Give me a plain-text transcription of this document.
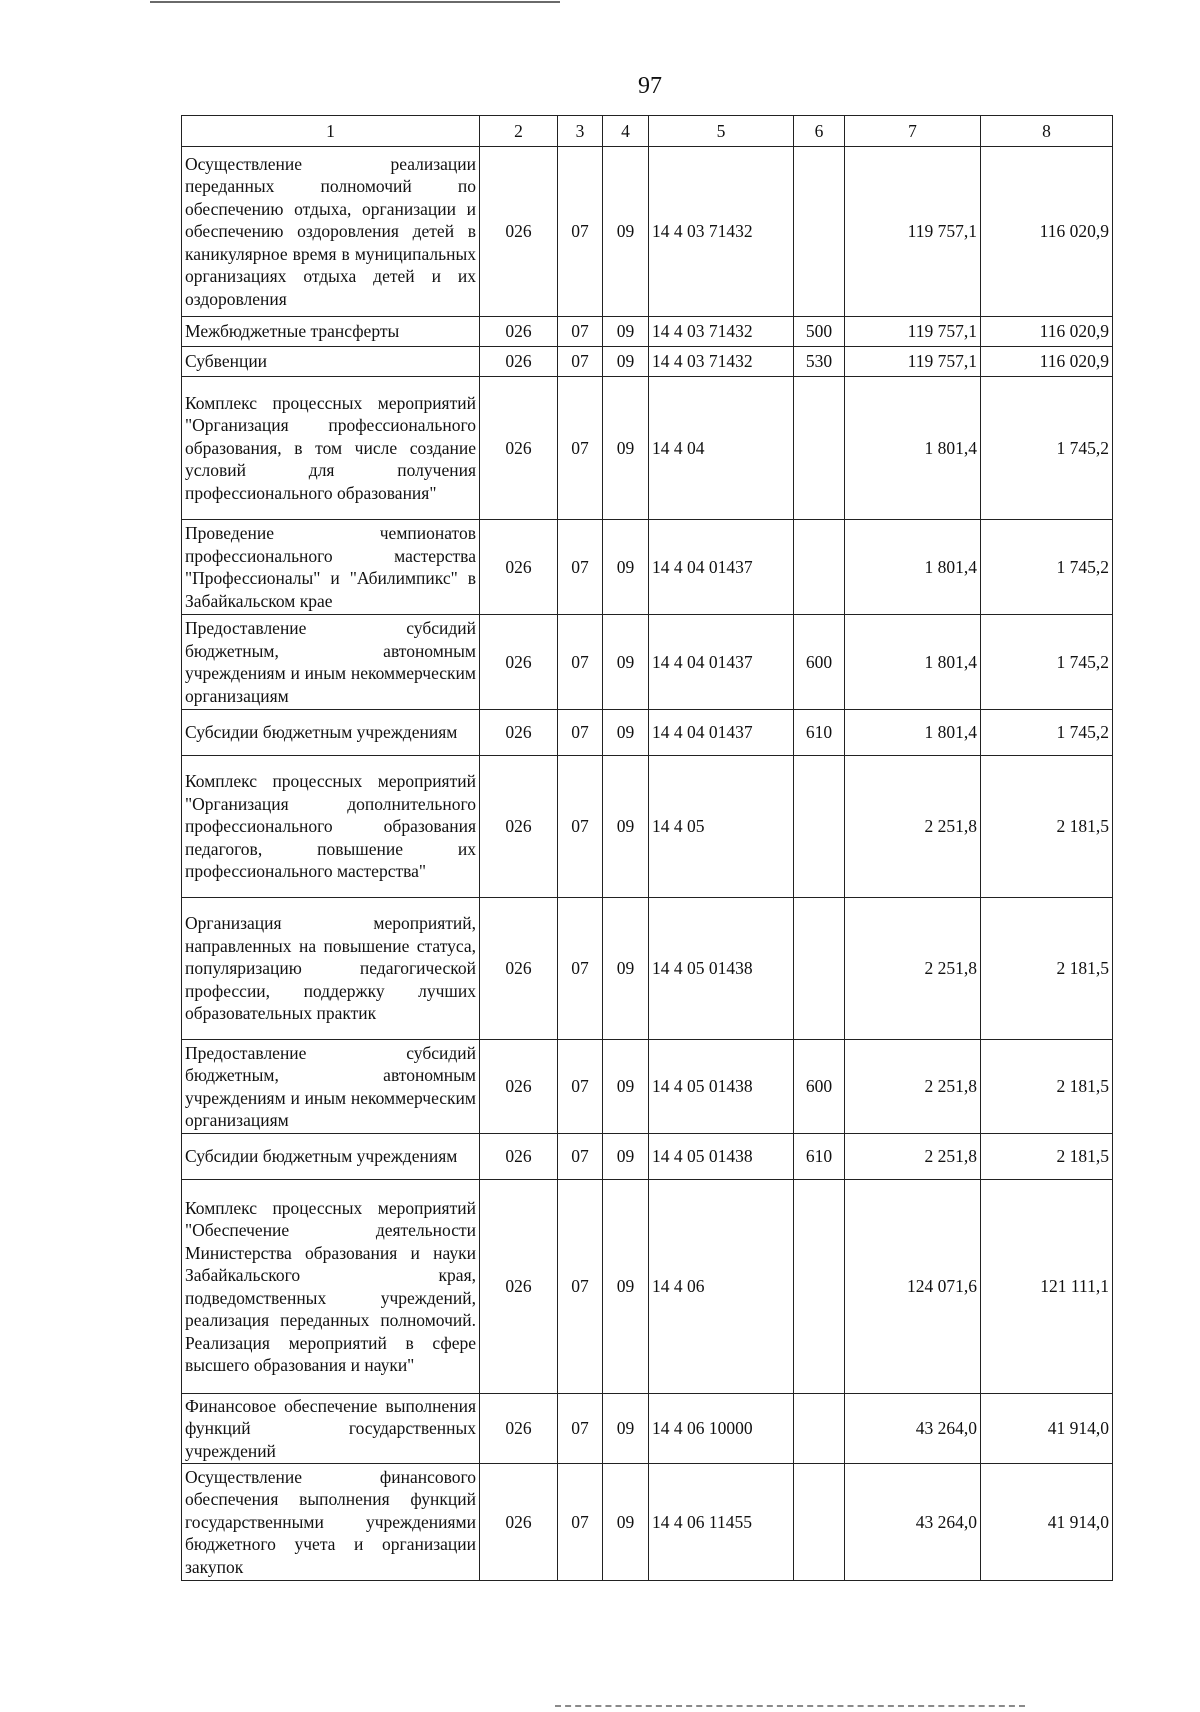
97
1	2	3	4	5	6	7	8
Осуществление реализации переданных полномочий по обеспечению отдыха, организации и обеспечению оздоровления детей в каникулярное время в муниципальных организациях отдыха детей и их оздоровления	026	07	09	14 4 03 71432		119 757,1	116 020,9
Межбюджетные трансферты	026	07	09	14 4 03 71432	500	119 757,1	116 020,9
Субвенции	026	07	09	14 4 03 71432	530	119 757,1	116 020,9
Комплекс процессных мероприятий "Организация профессионального образования, в том числе создание условий для получения профессионального образования"	026	07	09	14 4 04		1 801,4	1 745,2
Проведение чемпионатов профессионального мастерства "Профессионалы" и "Абилимпикс" в Забайкальском крае	026	07	09	14 4 04 01437		1 801,4	1 745,2
Предоставление субсидий бюджетным, автономным учреждениям и иным некоммерческим организациям	026	07	09	14 4 04 01437	600	1 801,4	1 745,2
Субсидии бюджетным учреждениям	026	07	09	14 4 04 01437	610	1 801,4	1 745,2
Комплекс процессных мероприятий "Организация дополнительного профессионального образования педагогов, повышение их профессионального мастерства"	026	07	09	14 4 05		2 251,8	2 181,5
Организация мероприятий, направленных на повышение статуса, популяризацию педагогической профессии, поддержку лучших образовательных практик	026	07	09	14 4 05 01438		2 251,8	2 181,5
Предоставление субсидий бюджетным, автономным учреждениям и иным некоммерческим организациям	026	07	09	14 4 05 01438	600	2 251,8	2 181,5
Субсидии бюджетным учреждениям	026	07	09	14 4 05 01438	610	2 251,8	2 181,5
Комплекс процессных мероприятий "Обеспечение деятельности Министерства образования и науки Забайкальского края, подведомственных учреждений, реализация переданных полномочий. Реализация мероприятий в сфере высшего образования и науки"	026	07	09	14 4 06		124 071,6	121 111,1
Финансовое обеспечение выполнения функций государственных учреждений	026	07	09	14 4 06 10000		43 264,0	41 914,0
Осуществление финансового обеспечения выполнения функций государственными учреждениями бюджетного учета и организации закупок	026	07	09	14 4 06 11455		43 264,0	41 914,0
